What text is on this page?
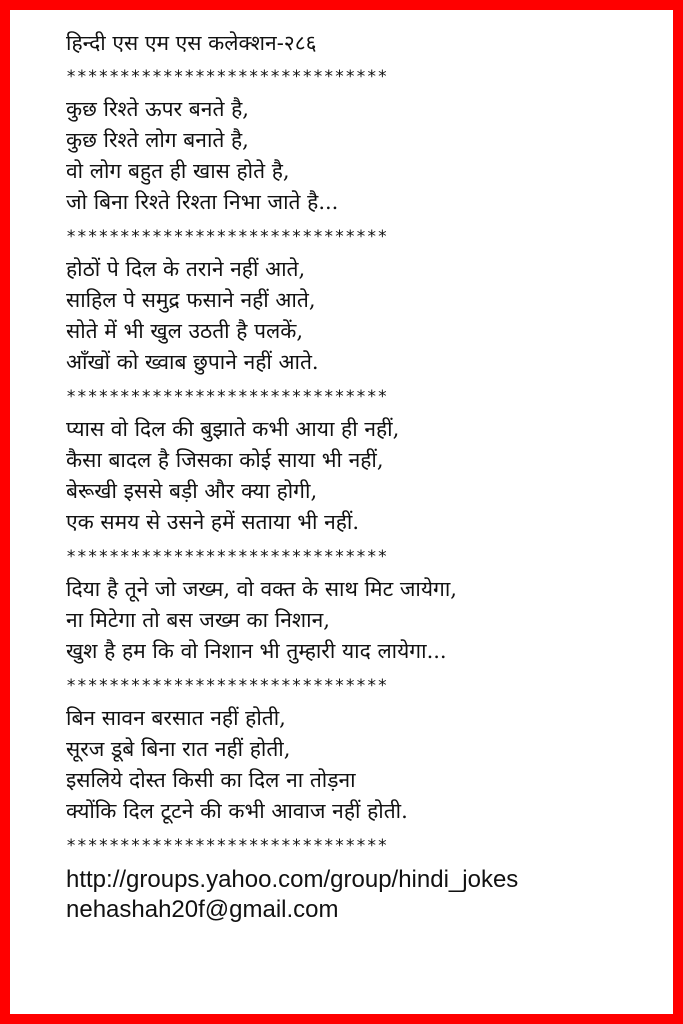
हिन्दी एस एम एस कलेक्शन-२८६
******************************
कुछ रिश्ते ऊपर बनते है,
कुछ रिश्ते लोग बनाते है,
वो लोग बहुत ही खास होते है,
जो बिना रिश्ते रिश्ता निभा जाते है...
******************************
होठों पे दिल के तराने नहीं आते,
साहिल पे समुद्र फसाने नहीं आते,
सोते में भी खुल उठती है पलकें,
आँखों को ख्वाब छुपाने नहीं आते.
******************************
प्यास वो दिल की बुझाते कभी आया ही नहीं,
कैसा बादल है जिसका कोई साया भी नहीं,
बेरूखी इससे बड़ी और क्या होगी,
एक समय से उसने हमें सताया भी नहीं.
******************************
दिया है तूने जो जख्म, वो वक्त के साथ मिट जायेगा,
ना मिटेगा तो बस जख्म का निशान,
खुश है हम कि वो निशान भी तुम्हारी याद लायेगा...
******************************
बिन सावन बरसात नहीं होती,
सूरज डूबे बिना रात नहीं होती,
इसलिये दोस्त किसी का दिल ना तोड़ना
क्योंकि दिल टूटने की कभी आवाज नहीं होती.
******************************
http://groups.yahoo.com/group/hindi_jokes
nehashah20f@gmail.com
